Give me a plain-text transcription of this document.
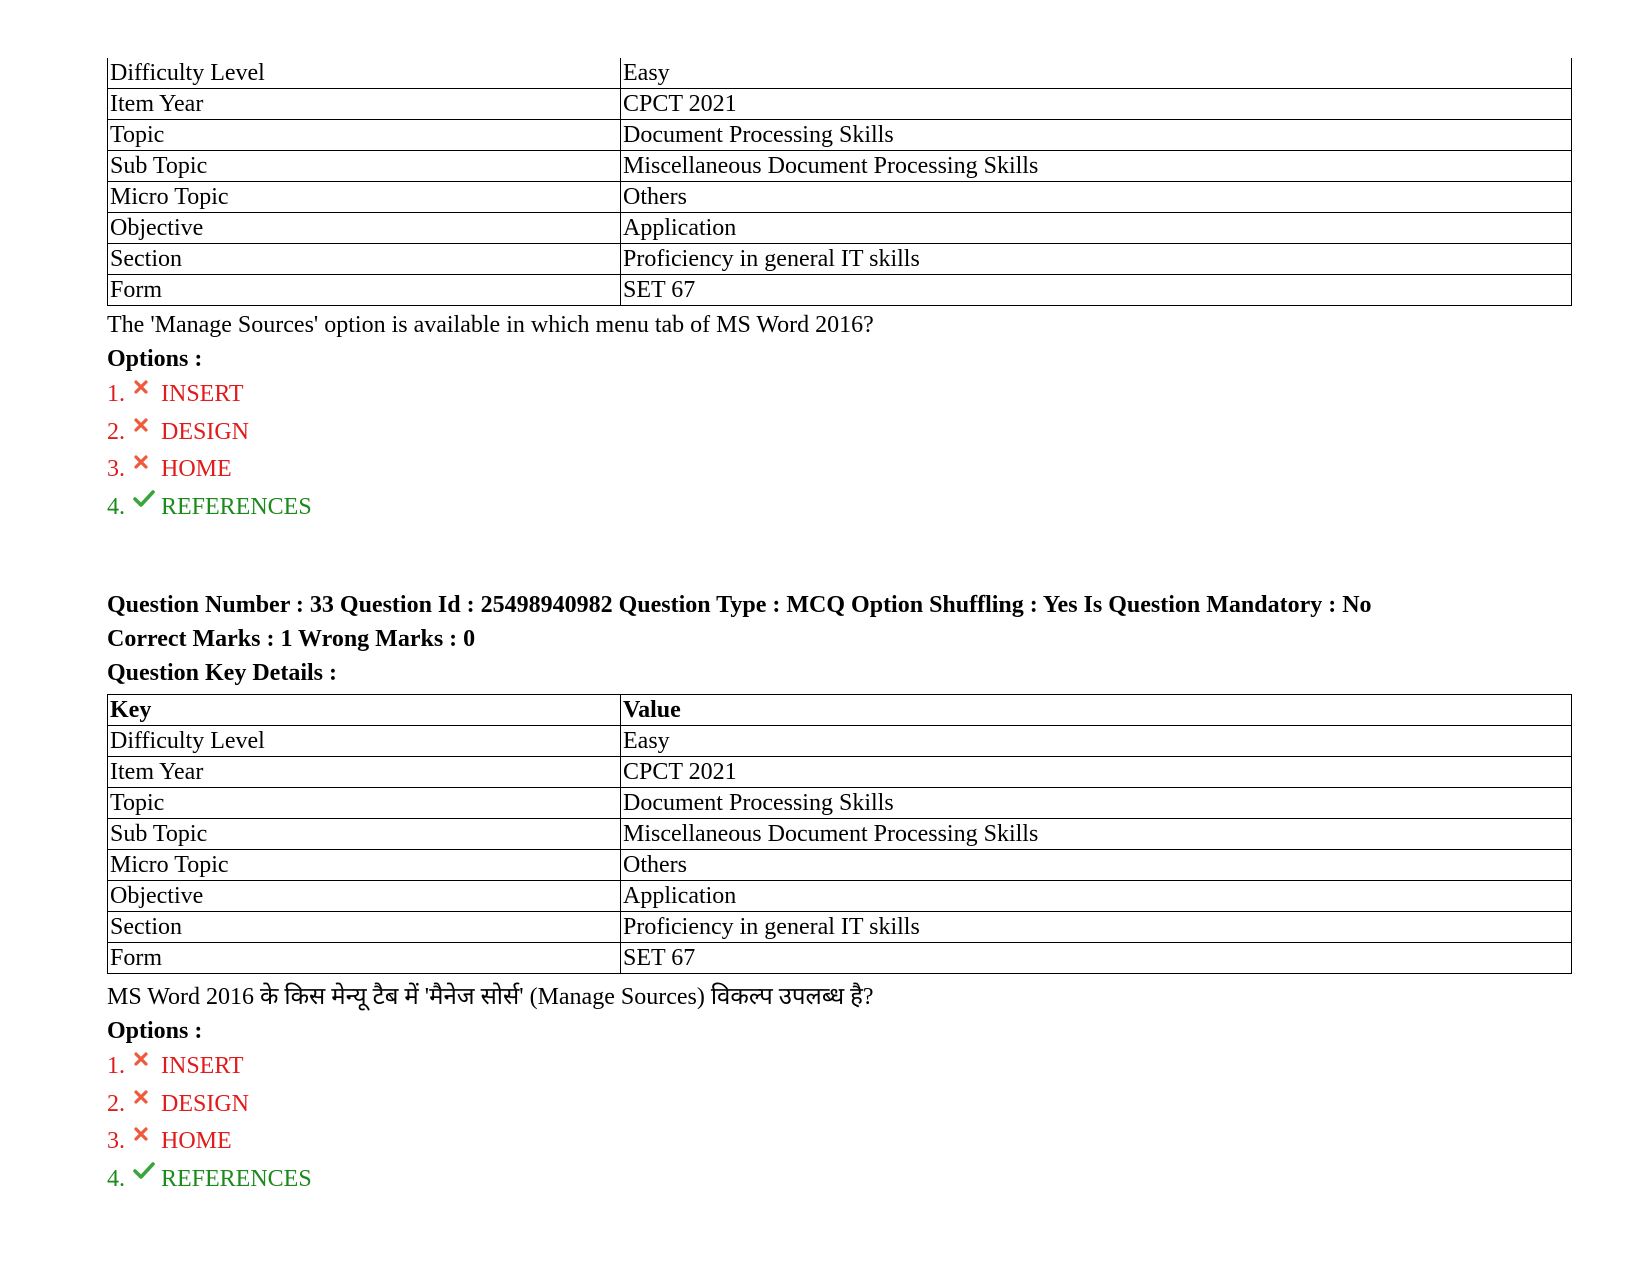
Difficulty Level	Easy
Item Year	CPCT 2021
Topic	Document Processing Skills
Sub Topic	Miscellaneous Document Processing Skills
Micro Topic	Others
Objective	Application
Section	Proficiency in general IT skills
Form	SET 67
The 'Manage Sources' option is available in which menu tab of MS Word 2016?
Options :
1.	INSERT
2.	DESIGN
3.	HOME
4.	REFERENCES
Question Number : 33 Question Id : 25498940982 Question Type : MCQ Option Shuffling : Yes Is Question Mandatory : No
Correct Marks : 1 Wrong Marks : 0
Question Key Details :
Key	Value
Difficulty Level	Easy
Item Year	CPCT 2021
Topic	Document Processing Skills
Sub Topic	Miscellaneous Document Processing Skills
Micro Topic	Others
Objective	Application
Section	Proficiency in general IT skills
Form	SET 67
MS Word 2016 के किस मेन्यू टैब में 'मैनेज सोर्स' (Manage Sources) विकल्प उपलब्ध है?
Options :
1.	INSERT
2.	DESIGN
3.	HOME
4.	REFERENCES
